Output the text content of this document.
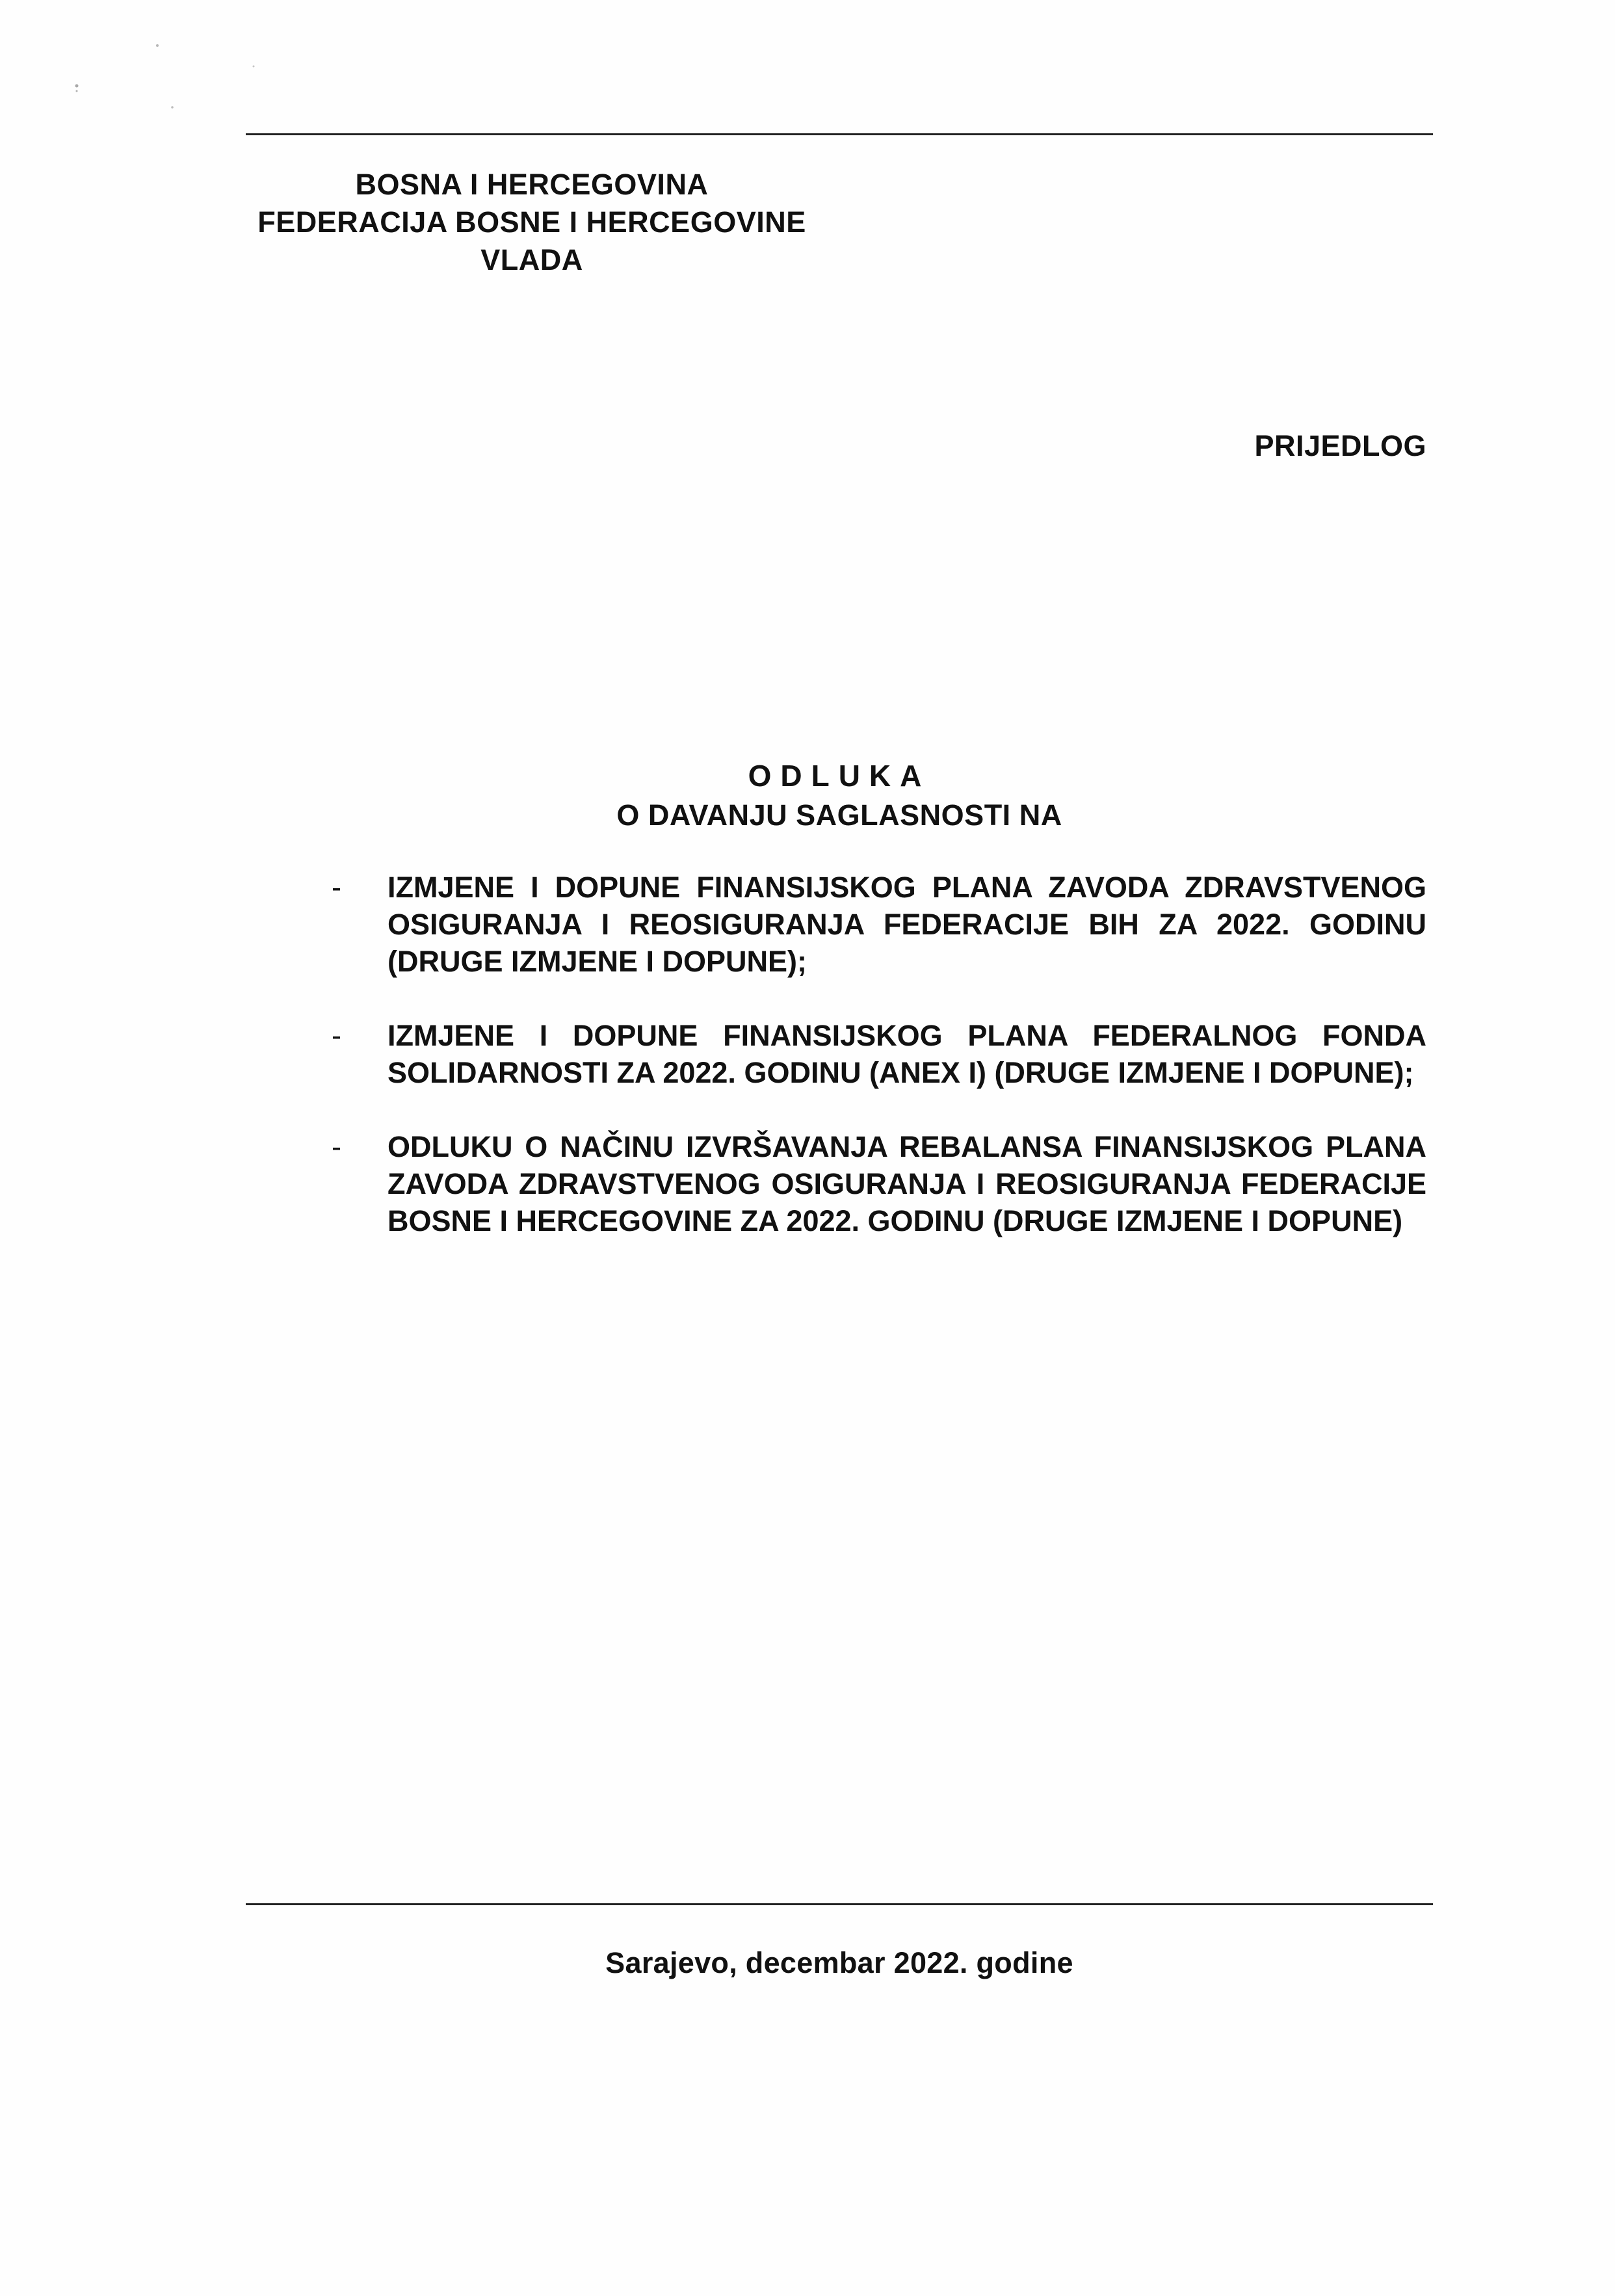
BOSNA I HERCEGOVINA
FEDERACIJA BOSNE I HERCEGOVINE
VLADA
PRIJEDLOG
ODLUKA
O DAVANJU SAGLASNOSTI NA
- IZMJENE I DOPUNE FINANSIJSKOG PLANA ZAVODA ZDRAVSTVENOG OSIGURANJA I REOSIGURANJA FEDERACIJE BIH ZA 2022. GODINU (DRUGE IZMJENE I DOPUNE);
- IZMJENE I DOPUNE FINANSIJSKOG PLANA FEDERALNOG FONDA SOLIDARNOSTI ZA 2022. GODINU (ANEX I) (DRUGE IZMJENE I DOPUNE);
- ODLUKU O NAČINU IZVRŠAVANJA REBALANSA FINANSIJSKOG PLANA ZAVODA ZDRAVSTVENOG OSIGURANJA I REOSIGURANJA FEDERACIJE BOSNE I HERCEGOVINE ZA 2022. GODINU (DRUGE IZMJENE I DOPUNE)
Sarajevo, decembar 2022. godine
